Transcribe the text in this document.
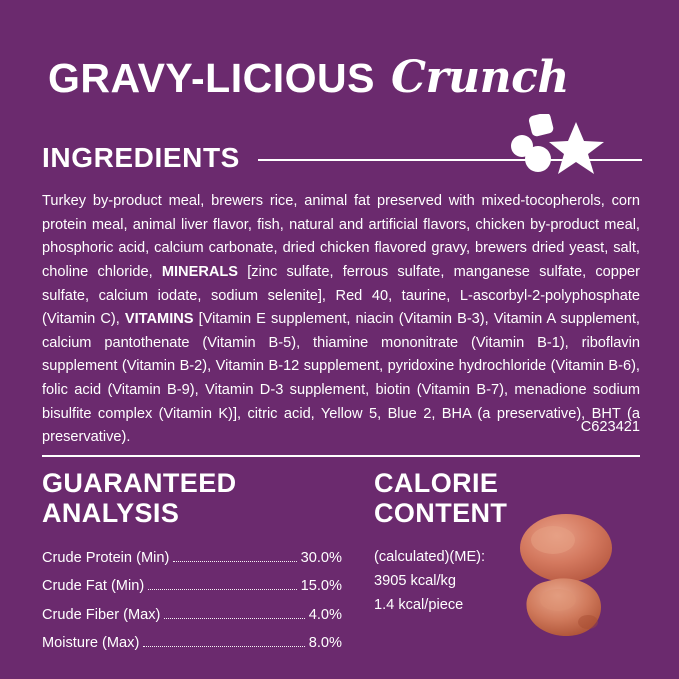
GRAVY-LICIOUS Crunch
INGREDIENTS
Turkey by-product meal, brewers rice, animal fat preserved with mixed-tocopherols, corn protein meal, animal liver flavor, fish, natural and artificial flavors, chicken by-product meal, phosphoric acid, calcium carbonate, dried chicken flavored gravy, brewers dried yeast, salt, choline chloride, MINERALS [zinc sulfate, ferrous sulfate, manganese sulfate, copper sulfate, calcium iodate, sodium selenite], Red 40, taurine, L-ascorbyl-2-polyphosphate (Vitamin C), VITAMINS [Vitamin E supplement, niacin (Vitamin B-3), Vitamin A supplement, calcium pantothenate (Vitamin B-5), thiamine mononitrate (Vitamin B-1), riboflavin supplement (Vitamin B-2), Vitamin B-12 supplement, pyridoxine hydrochloride (Vitamin B-6), folic acid (Vitamin B-9), Vitamin D-3 supplement, biotin (Vitamin B-7), menadione sodium bisulfite complex (Vitamin K)], citric acid, Yellow 5, Blue 2, BHA (a preservative), BHT (a preservative).
C623421
GUARANTEED
ANALYSIS
Crude Protein (Min)	30.0%
Crude Fat (Min)	15.0%
Crude Fiber (Max)	4.0%
Moisture (Max)	8.0%
CALORIE
CONTENT
(calculated)(ME):
3905 kcal/kg
1.4 kcal/piece
